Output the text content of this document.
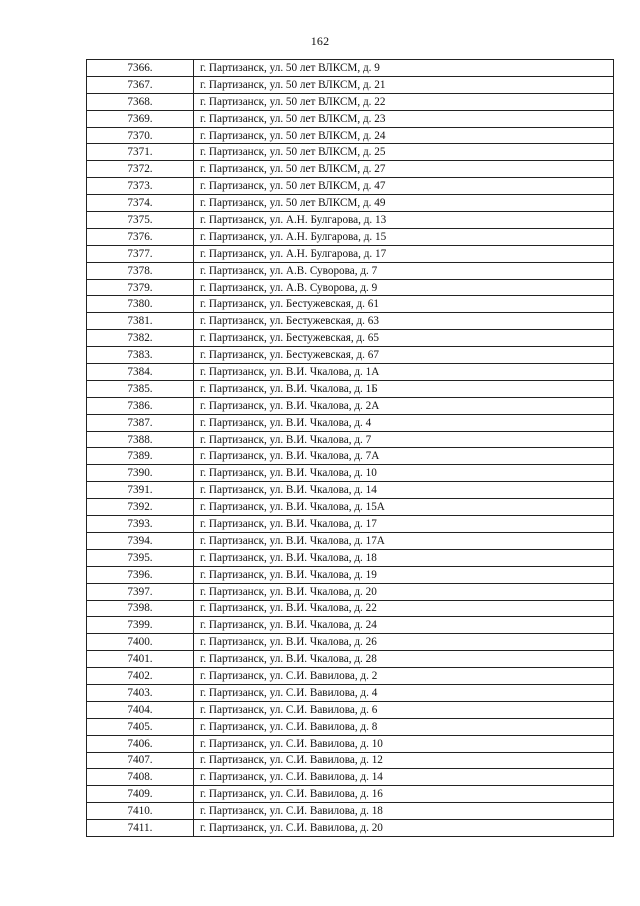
162
7366.	г. Партизанск, ул. 50 лет ВЛКСМ, д. 9
7367.	г. Партизанск, ул. 50 лет ВЛКСМ, д. 21
7368.	г. Партизанск, ул. 50 лет ВЛКСМ, д. 22
7369.	г. Партизанск, ул. 50 лет ВЛКСМ, д. 23
7370.	г. Партизанск, ул. 50 лет ВЛКСМ, д. 24
7371.	г. Партизанск, ул. 50 лет ВЛКСМ, д. 25
7372.	г. Партизанск, ул. 50 лет ВЛКСМ, д. 27
7373.	г. Партизанск, ул. 50 лет ВЛКСМ, д. 47
7374.	г. Партизанск, ул. 50 лет ВЛКСМ, д. 49
7375.	г. Партизанск, ул. А.Н. Булгарова, д. 13
7376.	г. Партизанск, ул. А.Н. Булгарова, д. 15
7377.	г. Партизанск, ул. А.Н. Булгарова, д. 17
7378.	г. Партизанск, ул. А.В. Суворова, д. 7
7379.	г. Партизанск, ул. А.В. Суворова, д. 9
7380.	г. Партизанск, ул. Бестужевская, д. 61
7381.	г. Партизанск, ул. Бестужевская, д. 63
7382.	г. Партизанск, ул. Бестужевская, д. 65
7383.	г. Партизанск, ул. Бестужевская, д. 67
7384.	г. Партизанск, ул. В.И. Чкалова, д. 1А
7385.	г. Партизанск, ул. В.И. Чкалова, д. 1Б
7386.	г. Партизанск, ул. В.И. Чкалова, д. 2А
7387.	г. Партизанск, ул. В.И. Чкалова, д. 4
7388.	г. Партизанск, ул. В.И. Чкалова, д. 7
7389.	г. Партизанск, ул. В.И. Чкалова, д. 7А
7390.	г. Партизанск, ул. В.И. Чкалова, д. 10
7391.	г. Партизанск, ул. В.И. Чкалова, д. 14
7392.	г. Партизанск, ул. В.И. Чкалова, д. 15А
7393.	г. Партизанск, ул. В.И. Чкалова, д. 17
7394.	г. Партизанск, ул. В.И. Чкалова, д. 17А
7395.	г. Партизанск, ул. В.И. Чкалова, д. 18
7396.	г. Партизанск, ул. В.И. Чкалова, д. 19
7397.	г. Партизанск, ул. В.И. Чкалова, д. 20
7398.	г. Партизанск, ул. В.И. Чкалова, д. 22
7399.	г. Партизанск, ул. В.И. Чкалова, д. 24
7400.	г. Партизанск, ул. В.И. Чкалова, д. 26
7401.	г. Партизанск, ул. В.И. Чкалова, д. 28
7402.	г. Партизанск, ул. С.И. Вавилова, д. 2
7403.	г. Партизанск, ул. С.И. Вавилова, д. 4
7404.	г. Партизанск, ул. С.И. Вавилова, д. 6
7405.	г. Партизанск, ул. С.И. Вавилова, д. 8
7406.	г. Партизанск, ул. С.И. Вавилова, д. 10
7407.	г. Партизанск, ул. С.И. Вавилова, д. 12
7408.	г. Партизанск, ул. С.И. Вавилова, д. 14
7409.	г. Партизанск, ул. С.И. Вавилова, д. 16
7410.	г. Партизанск, ул. С.И. Вавилова, д. 18
7411.	г. Партизанск, ул. С.И. Вавилова, д. 20
